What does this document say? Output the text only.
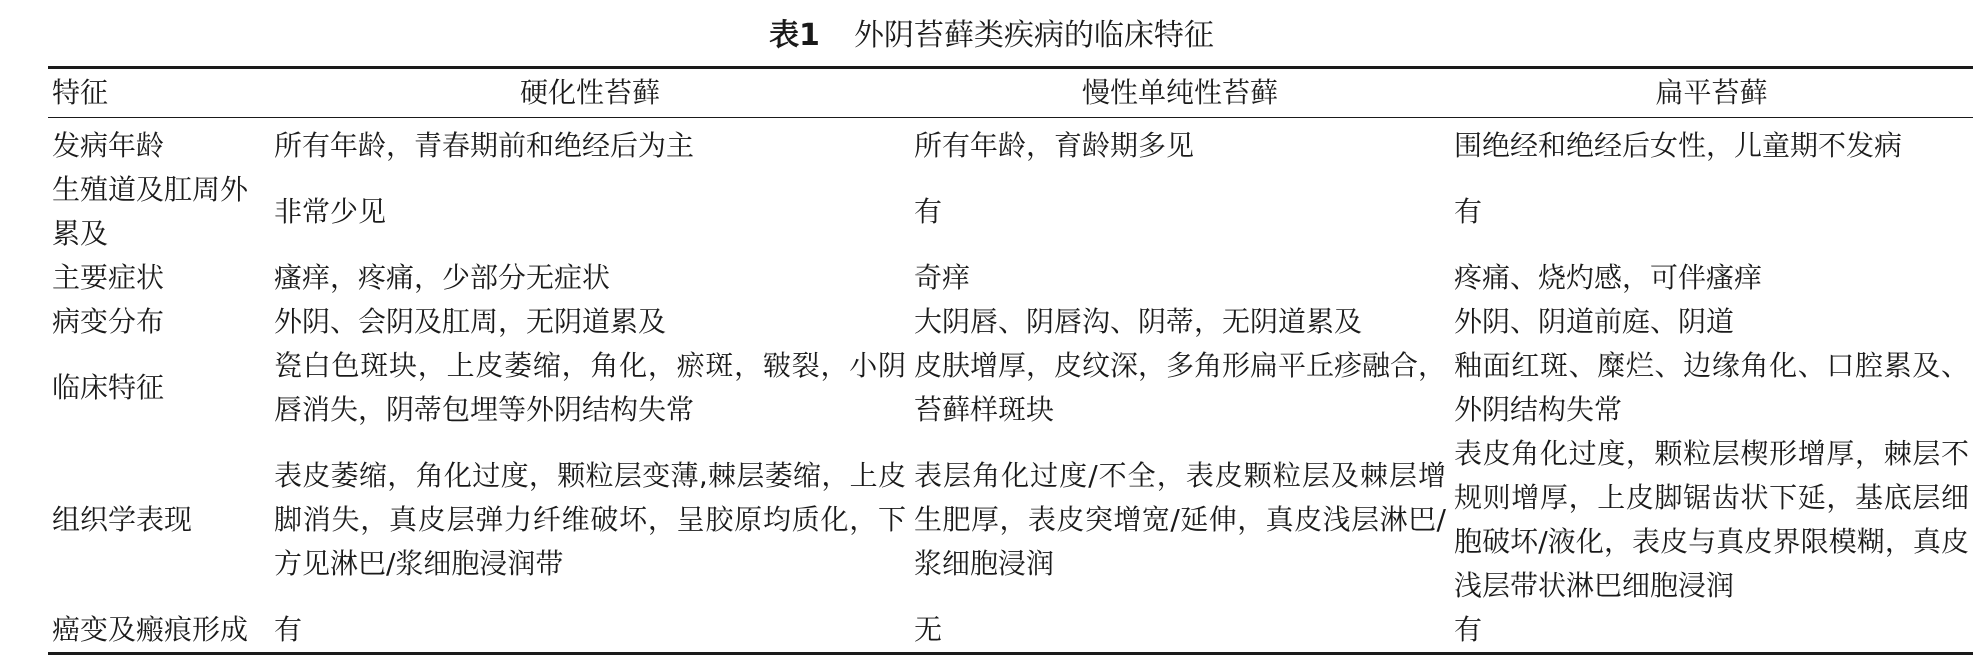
表1 外阴苔藓类疾病的临床特征
特征	硬化性苔藓	慢性单纯性苔藓	扁平苔藓
发病年龄	所有年龄，青春期前和绝经后为主	所有年龄，育龄期多见	围绝经和绝经后女性，儿童期不发病
生殖道及肛周外累及	非常少见	有	有
主要症状	瘙痒，疼痛，少部分无症状	奇痒	疼痛、烧灼感，可伴瘙痒
病变分布	外阴、会阴及肛周，无阴道累及	大阴唇、阴唇沟、阴蒂，无阴道累及	外阴、阴道前庭、阴道
临床特征	瓷白色斑块，上皮萎缩，角化，瘀斑，皲裂，小阴唇消失，阴蒂包埋等外阴结构失常	皮肤增厚，皮纹深，多角形扁平丘疹融合，苔藓样斑块	釉面红斑、糜烂、边缘角化、口腔累及、外阴结构失常
组织学表现	表皮萎缩，角化过度，颗粒层变薄,棘层萎缩，上皮脚消失，真皮层弹力纤维破坏，呈胶原均质化，下方见淋巴/浆细胞浸润带	表层角化过度/不全，表皮颗粒层及棘层增生肥厚，表皮突增宽/延伸，真皮浅层淋巴/浆细胞浸润	表皮角化过度，颗粒层楔形增厚，棘层不规则增厚，上皮脚锯齿状下延，基底层细胞破坏/液化，表皮与真皮界限模糊，真皮浅层带状淋巴细胞浸润
癌变及瘢痕形成	有	无	有
